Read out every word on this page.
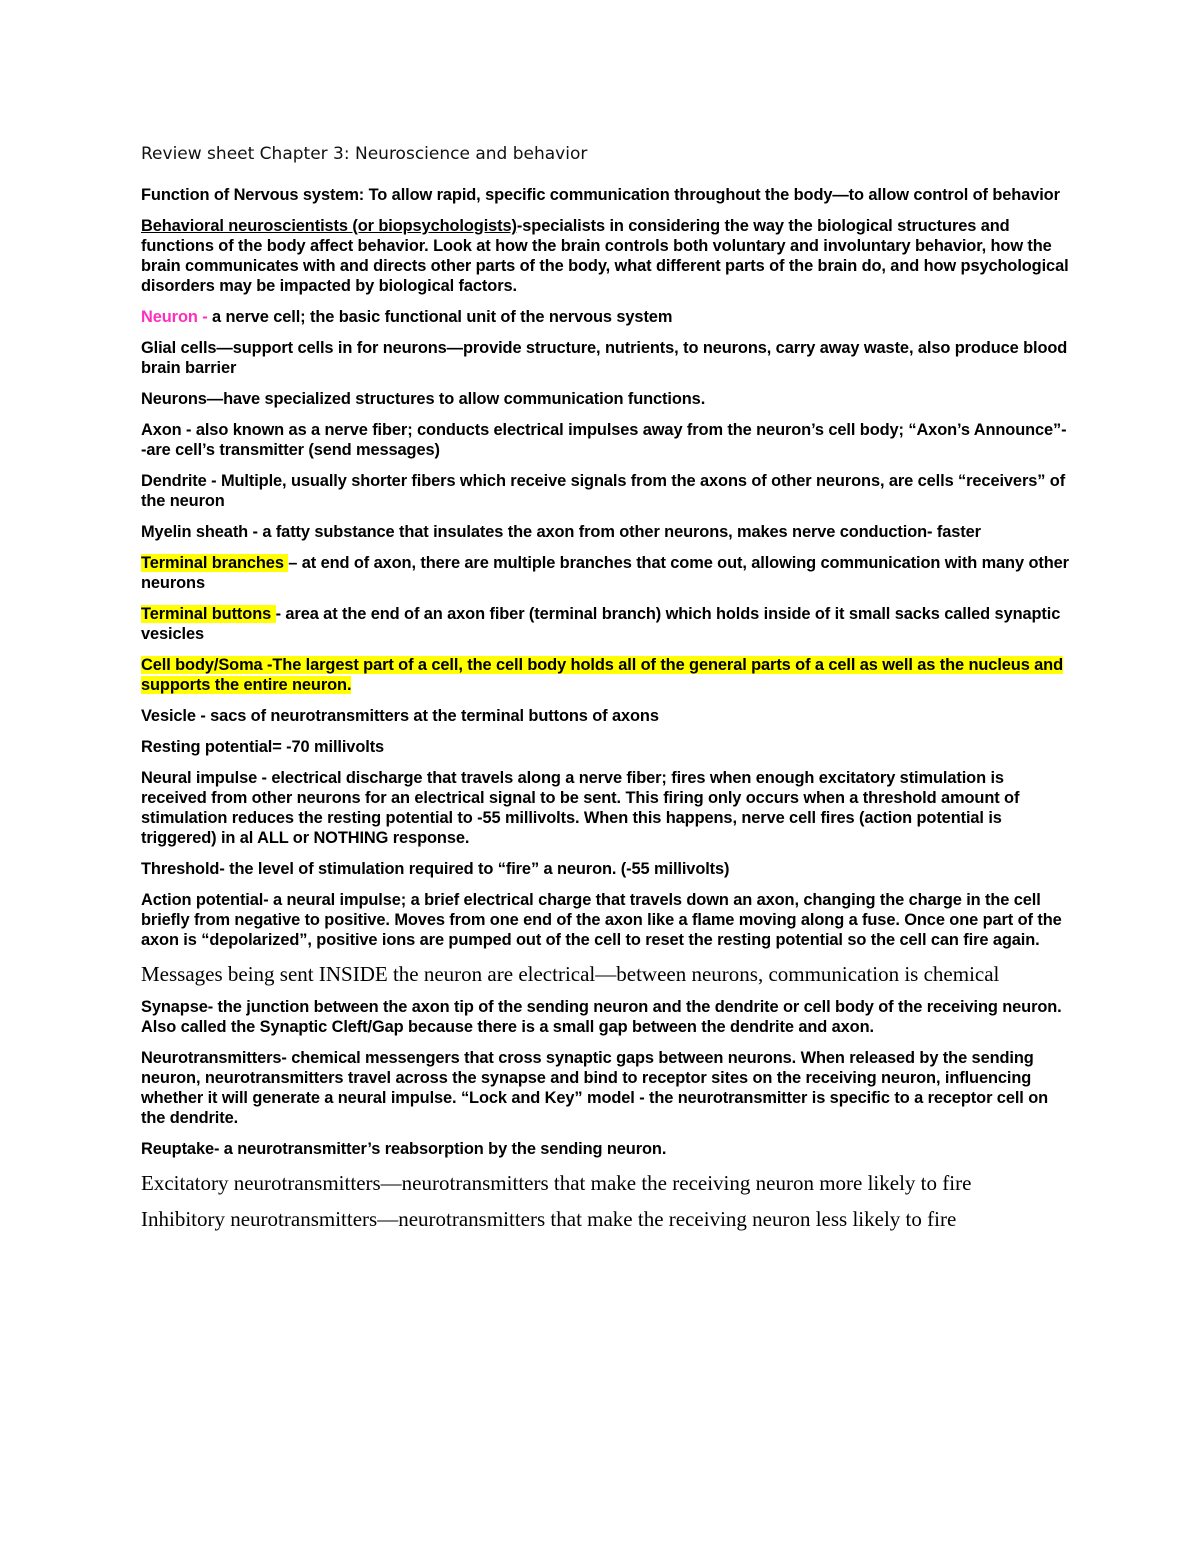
Review sheet Chapter 3: Neuroscience and behavior
Function of Nervous system: To allow rapid, specific communication throughout the body—to allow control of behavior
Behavioral neuroscientists (or biopsychologists)-specialists in considering the way the biological structures and functions of the body affect behavior. Look at how the brain controls both voluntary and involuntary behavior, how the brain communicates with and directs other parts of the body, what different parts of the brain do, and how psychological disorders may be impacted by biological factors.
Neuron - a nerve cell; the basic functional unit of the nervous system
Glial cells—support cells in for neurons—provide structure, nutrients, to neurons, carry away waste, also produce blood brain barrier
Neurons—have specialized structures to allow communication functions.
Axon - also known as a nerve fiber; conducts electrical impulses away from the neuron’s cell body; “Axon’s Announce”--are cell’s transmitter (send messages)
Dendrite - Multiple, usually shorter fibers which receive signals from the axons of other neurons, are cells “receivers” of the neuron
Myelin sheath - a fatty substance that insulates the axon from other neurons, makes nerve conduction- faster
Terminal branches – at end of axon, there are multiple branches that come out, allowing communication with many other neurons
Terminal buttons - area at the end of an axon fiber (terminal branch) which holds inside of it small sacks called synaptic vesicles
Cell body/Soma -The largest part of a cell, the cell body holds all of the general parts of a cell as well as the nucleus and supports the entire neuron.
Vesicle - sacs of neurotransmitters at the terminal buttons of axons
Resting potential= -70 millivolts
Neural impulse - electrical discharge that travels along a nerve fiber; fires when enough excitatory stimulation is received from other neurons for an electrical signal to be sent. This firing only occurs when a threshold amount of stimulation reduces the resting potential to -55 millivolts. When this happens, nerve cell fires (action potential is triggered) in al ALL or NOTHING response.
Threshold- the level of stimulation required to “fire” a neuron. (-55 millivolts)
Action potential- a neural impulse; a brief electrical charge that travels down an axon, changing the charge in the cell briefly from negative to positive. Moves from one end of the axon like a flame moving along a fuse. Once one part of the axon is “depolarized”, positive ions are pumped out of the cell to reset the resting potential so the cell can fire again.
Messages being sent INSIDE the neuron are electrical—between neurons, communication is chemical
Synapse- the junction between the axon tip of the sending neuron and the dendrite or cell body of the receiving neuron. Also called the Synaptic Cleft/Gap because there is a small gap between the dendrite and axon.
Neurotransmitters- chemical messengers that cross synaptic gaps between neurons. When released by the sending neuron, neurotransmitters travel across the synapse and bind to receptor sites on the receiving neuron, influencing whether it will generate a neural impulse. “Lock and Key” model - the neurotransmitter is specific to a receptor cell on the dendrite.
Reuptake- a neurotransmitter’s reabsorption by the sending neuron.
Excitatory neurotransmitters—neurotransmitters that make the receiving neuron more likely to fire
Inhibitory neurotransmitters—neurotransmitters that make the receiving neuron less likely to fire
